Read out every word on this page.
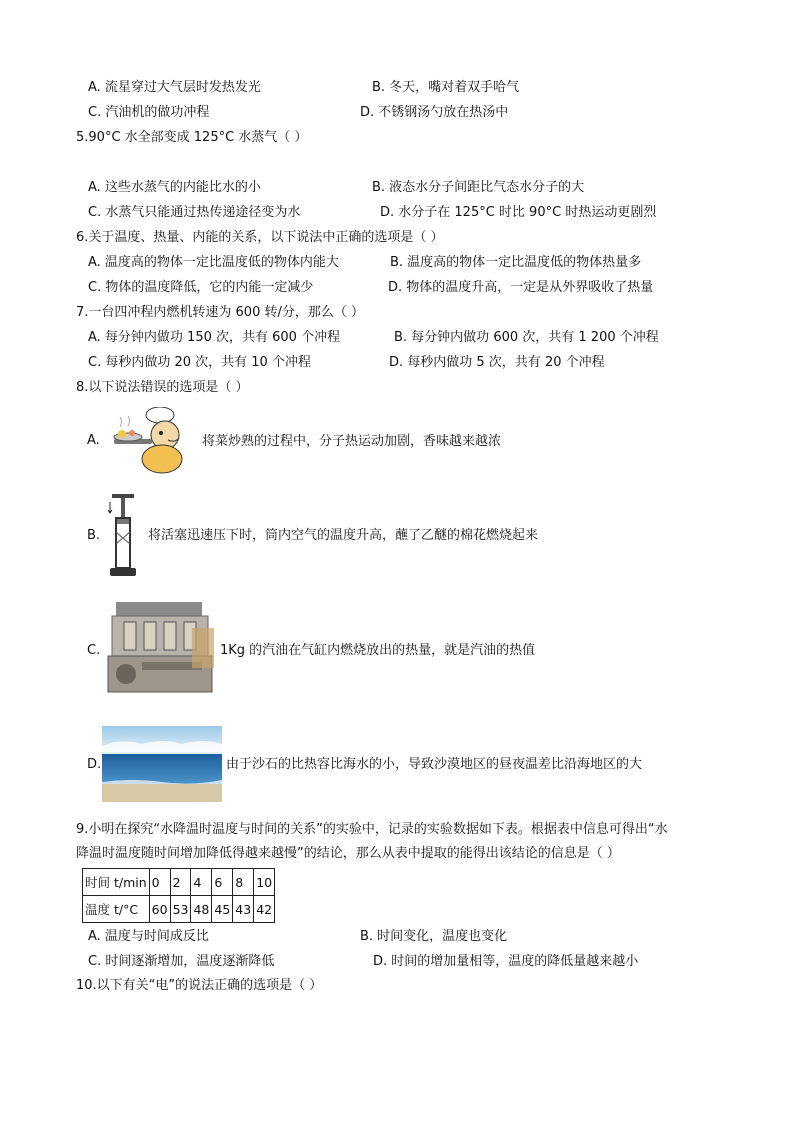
A. 流星穿过大气层时发热发光	B. 冬天，嘴对着双手哈气
C. 汽油机的做功冲程	D. 不锈钢汤勺放在热汤中
5.90°C 水全部变成 125°C 水蒸气（ ）
A. 这些水蒸气的内能比水的小	B. 液态水分子间距比气态水分子的大
C. 水蒸气只能通过热传递途径变为水	D. 水分子在 125°C 时比 90°C 时热运动更剧烈
6.关于温度、热量、内能的关系，以下说法中正确的选项是（ ）
A. 温度高的物体一定比温度低的物体内能大	B. 温度高的物体一定比温度低的物体热量多
C. 物体的温度降低，它的内能一定减少	D. 物体的温度升高，一定是从外界吸收了热量
7.一台四冲程内燃机转速为 600 转/分，那么（ ）
A. 每分钟内做功 150 次，共有 600 个冲程	B. 每分钟内做功 600 次，共有 1 200 个冲程
C. 每秒内做功 20 次，共有 10 个冲程	D. 每秒内做功 5 次，共有 20 个冲程
8.以下说法错误的选项是（ ）
A.	将菜炒熟的过程中，分子热运动加剧，香味越来越浓
B.	将活塞迅速压下时，筒内空气的温度升高，蘸了乙醚的棉花燃烧起来
C.	1Kg 的汽油在气缸内燃烧放出的热量，就是汽油的热值
D.	由于沙石的比热容比海水的小，导致沙漠地区的昼夜温差比沿海地区的大
9.小明在探究“水降温时温度与时间的关系”的实验中，记录的实验数据如下表。根据表中信息可得出“水
降温时温度随时间增加降低得越来越慢”的结论，那么从表中提取的能得出该结论的信息是（ ）
时间 t/min	0	2	4	6	8	10
温度 t/°C	60	53	48	45	43	42
A. 温度与时间成反比	B. 时间变化，温度也变化
C. 时间逐渐增加，温度逐渐降低	D. 时间的增加量相等，温度的降低量越来越小
10.以下有关“电”的说法正确的选项是（ ）
